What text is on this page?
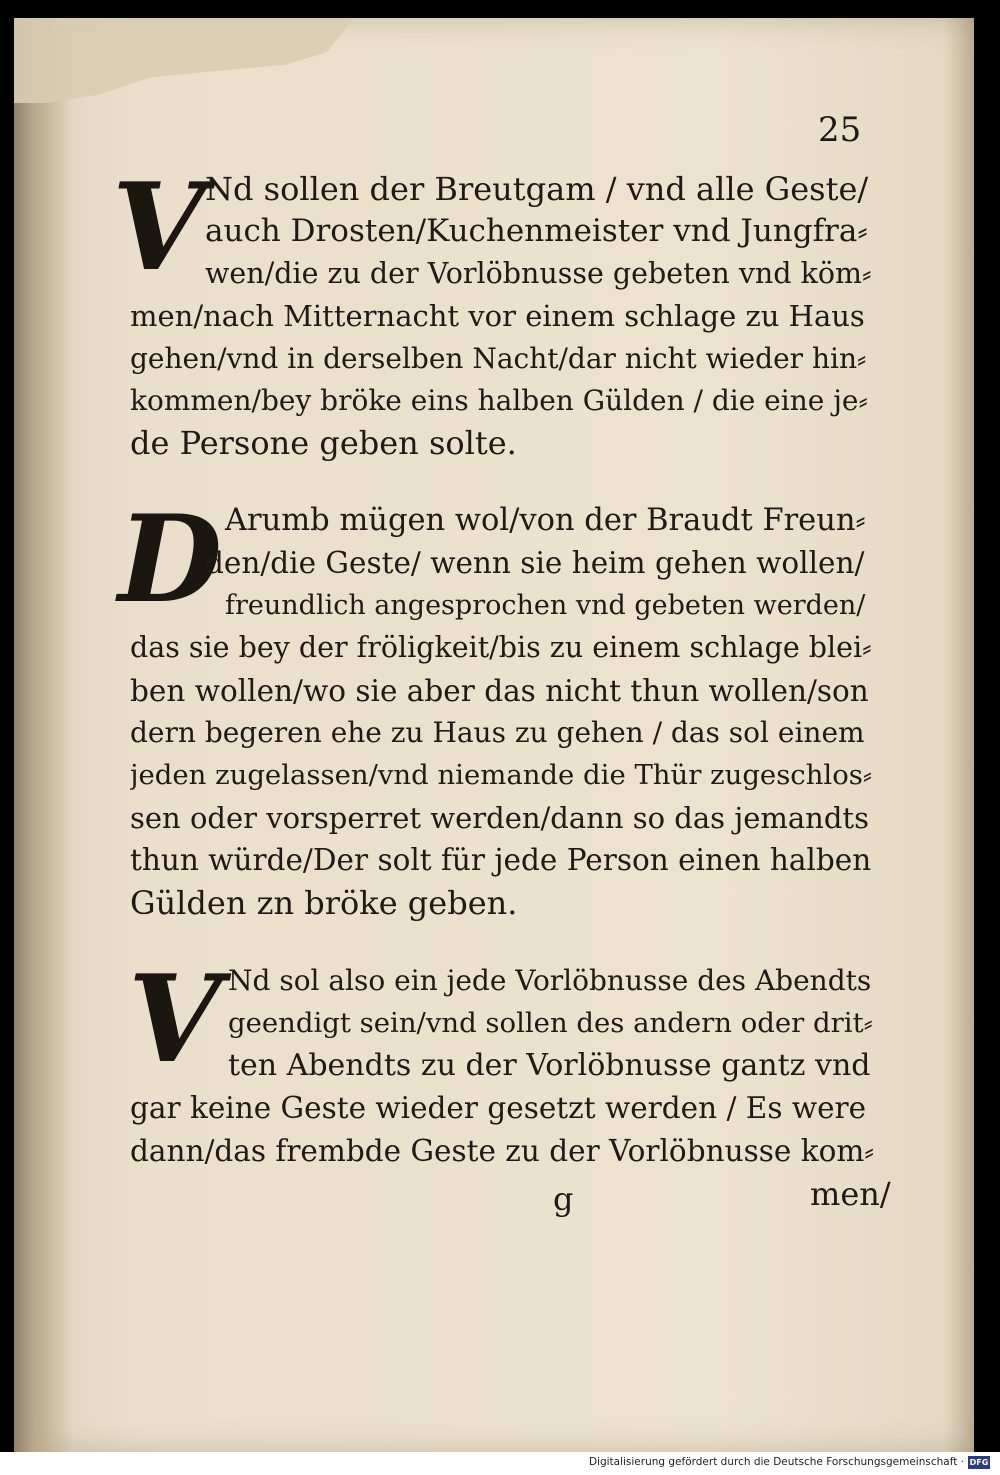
25
V Nd sollen der Breutgam / vnd alle Geste/
auch Drosten/Kuchenmeister vnd Jungfra⸗
wen/die zu der Vorlöbnusse gebeten vnd köm⸗
men/nach Mitternacht vor einem schlage zu Haus
gehen/vnd in derselben Nacht/dar nicht wieder hin⸗
kommen/bey bröke eins halben Gülden / die eine je⸗
de Persone geben solte.
D Arumb mügen wol/von der Braudt Freun⸗
den/die Geste/ wenn sie heim gehen wollen/
freundlich angesprochen vnd gebeten werden/
das sie bey der fröligkeit/bis zu einem schlage blei⸗
ben wollen/wo sie aber das nicht thun wollen/son
dern begeren ehe zu Haus zu gehen / das sol einem
jeden zugelassen/vnd niemande die Thür zugeschlos⸗
sen oder vorsperret werden/dann so das jemandts
thun würde/Der solt für jede Person einen halben
Gülden zn bröke geben.
V Nd sol also ein jede Vorlöbnusse des Abendts
geendigt sein/vnd sollen des andern oder drit⸗
ten Abendts zu der Vorlöbnusse gantz vnd
gar keine Geste wieder gesetzt werden / Es were
dann/das frembde Geste zu der Vorlöbnusse kom⸗
g	men/
Digitalisierung gefördert durch die Deutsche Forschungsgemeinschaft · DFG
